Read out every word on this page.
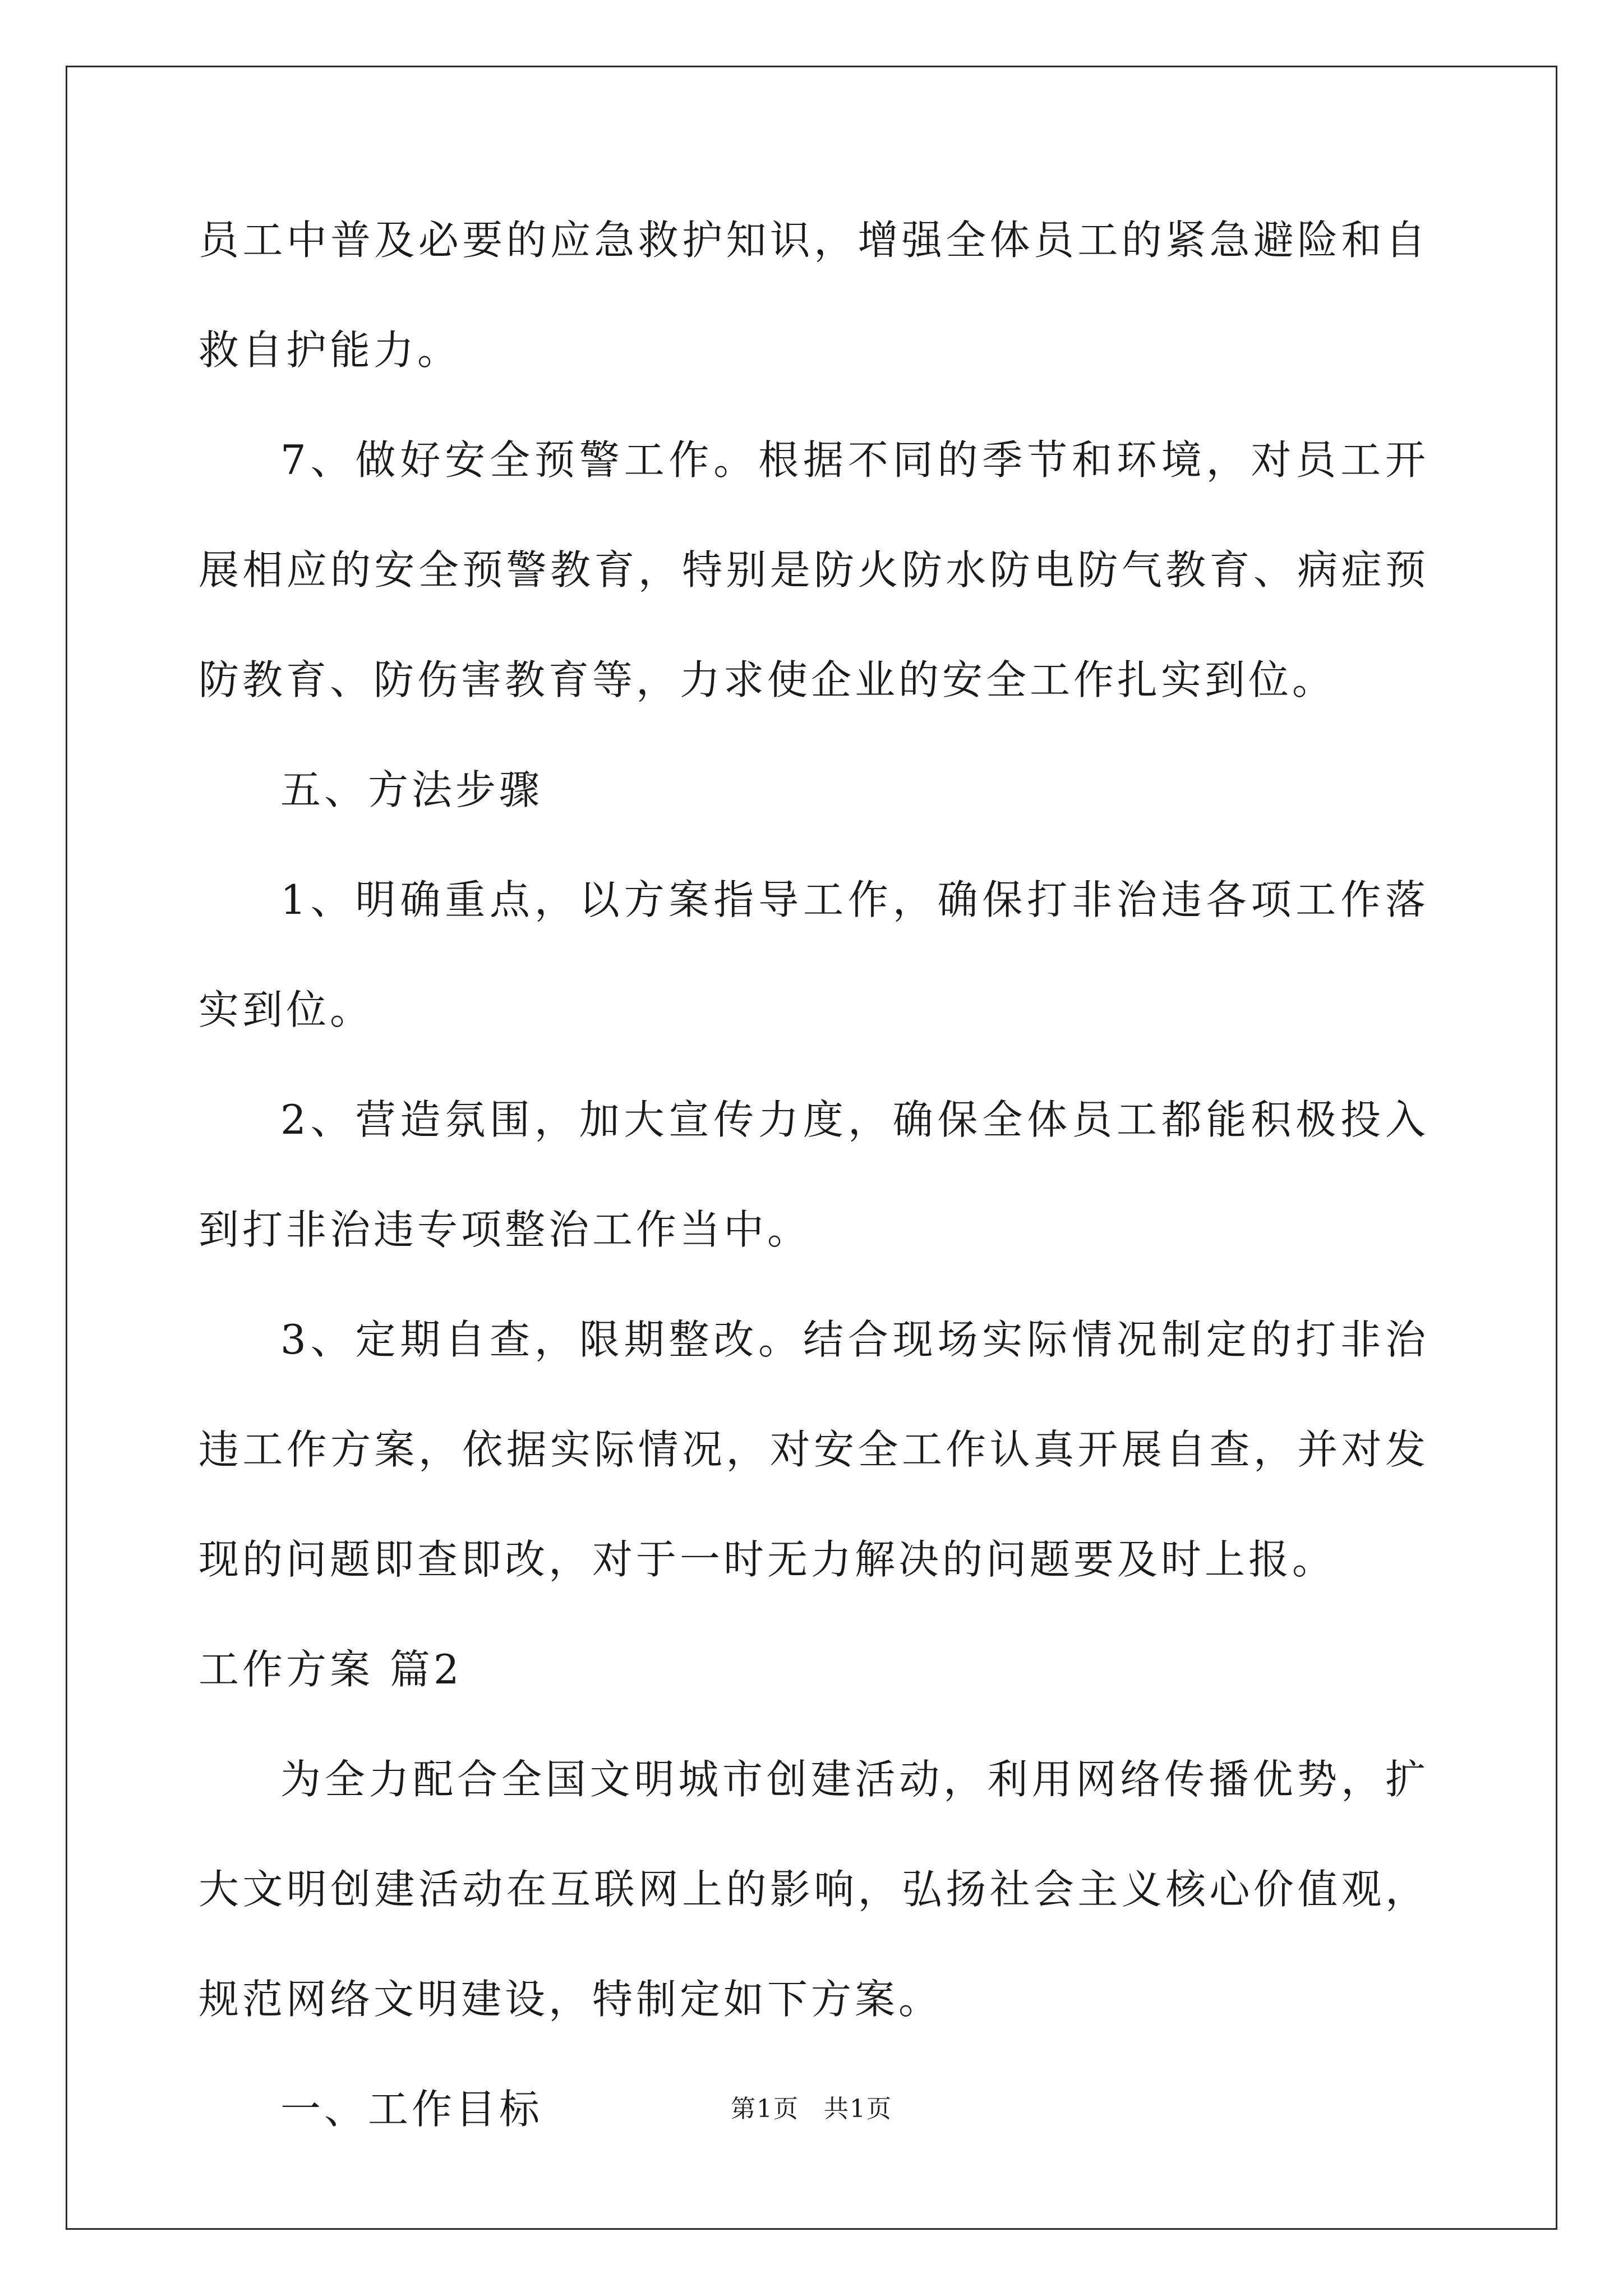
员工中普及必要的应急救护知识，增强全体员工的紧急避险和自救自护能力。

7、做好安全预警工作。根据不同的季节和环境，对员工开展相应的安全预警教育，特别是防火防水防电防气教育、病症预防教育、防伤害教育等，力求使企业的安全工作扎实到位。

五、方法步骤

1、明确重点，以方案指导工作，确保打非治违各项工作落实到位。

2、营造氛围，加大宣传力度，确保全体员工都能积极投入到打非治违专项整治工作当中。

3、定期自查，限期整改。结合现场实际情况制定的打非治违工作方案，依据实际情况，对安全工作认真开展自查，并对发现的问题即查即改，对于一时无力解决的问题要及时上报。

工作方案 篇2

为全力配合全国文明城市创建活动，利用网络传播优势，扩大文明创建活动在互联网上的影响，弘扬社会主义核心价值观，规范网络文明建设，特制定如下方案。

一、工作目标	第1页 共1页
